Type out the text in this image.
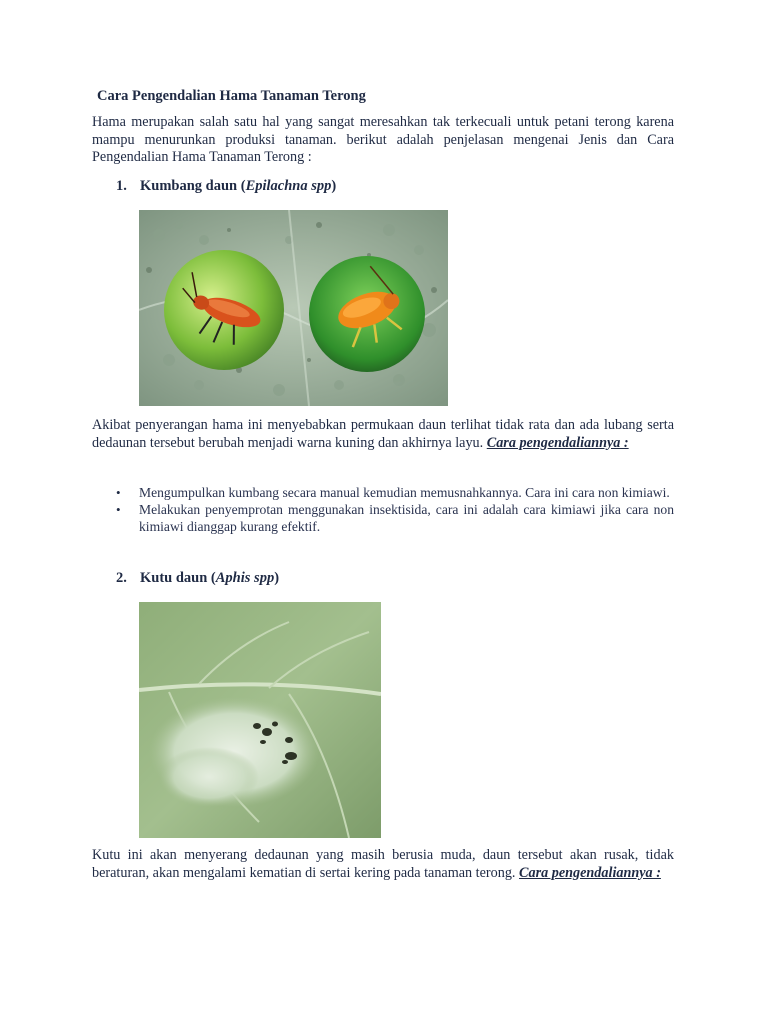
Cara Pengendalian Hama Tanaman Terong

Hama merupakan salah satu hal yang sangat meresahkan tak terkecuali untuk petani terong karena mampu menurunkan produksi tanaman. berikut adalah penjelasan mengenai Jenis dan Cara Pengendalian Hama Tanaman Terong :

1. Kumbang daun (Epilachna spp)

Akibat penyerangan hama ini menyebabkan permukaan daun terlihat tidak rata dan ada lubang serta dedaunan tersebut berubah menjadi warna kuning dan akhirnya layu. Cara pengendaliannya :

• Mengumpulkan kumbang secara manual kemudian memusnahkannya. Cara ini cara non kimiawi.
• Melakukan penyemprotan menggunakan insektisida, cara ini adalah cara kimiawi jika cara non kimiawi dianggap kurang efektif.
2. Kutu daun (Aphis spp)

Kutu ini akan menyerang dedaunan yang masih berusia muda, daun tersebut akan rusak, tidak beraturan, akan mengalami kematian di sertai kering pada tanaman terong. Cara pengendaliannya :
